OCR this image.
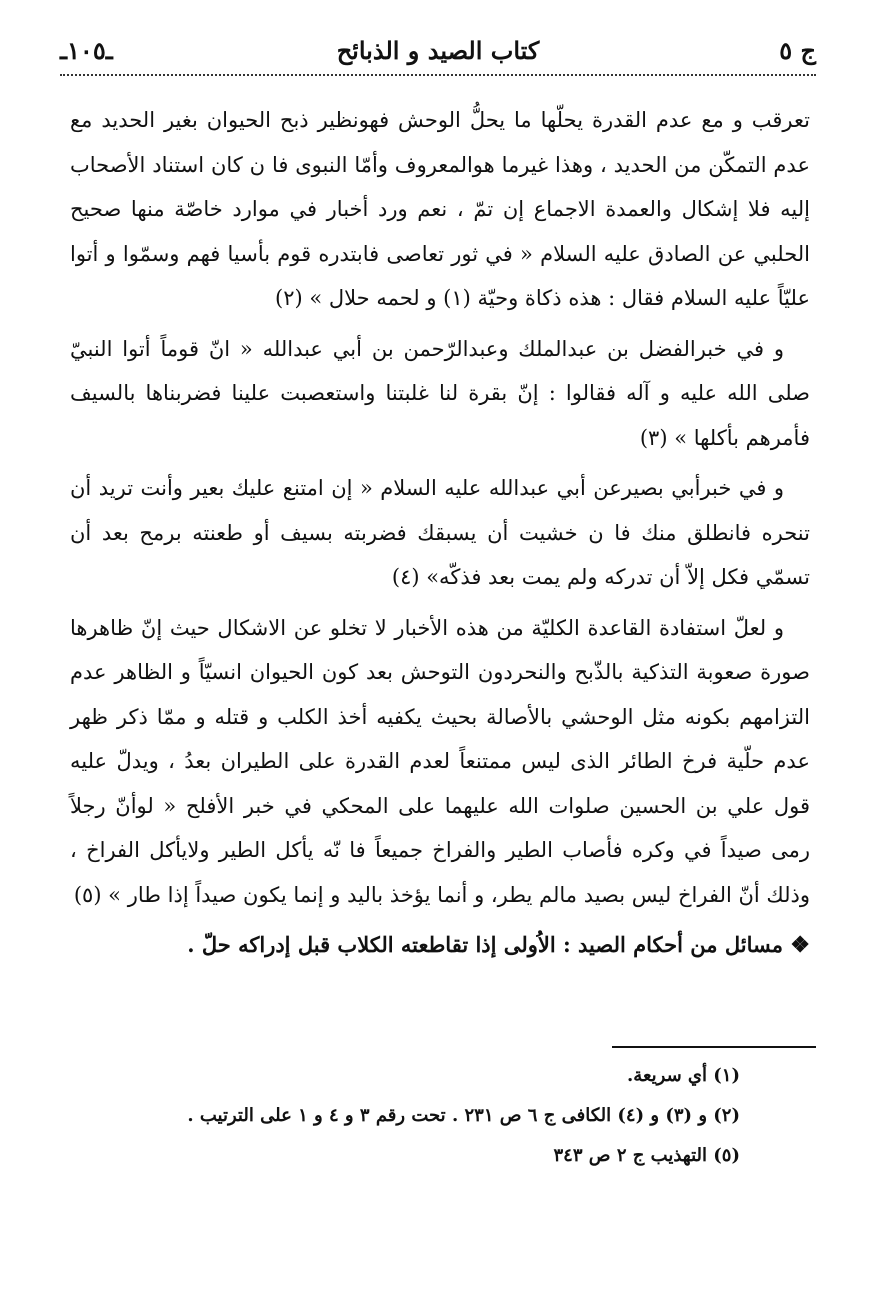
ج ٥
كتاب الصيد و الذبائح
ـ١٠٥ـ

تعرقب و مع عدم القدرة يحلّها ما يحلُّ الوحش فهونظير ذبح الحيوان بغير الحديد مع عدم التمكّن من الحديد ، وهذا غيرما هوالمعروف وأمّا النبوى فا ن كان استناد الأصحاب إليه فلا إشكال والعمدة الاجماع إن تمّ ، نعم ورد أخبار في موارد خاصّة منها صحيح الحلبي عن الصادق عليه السلام « في ثور تعاصى فابتدره قوم بأسيا فهم وسمّوا و أتوا عليّاً عليه السلام فقال : هذه ذكاة وحيّة (١) و لحمه حلال » (٢)

و في خبرالفضل بن عبدالملك وعبدالرّحمن بن أبي عبدالله « انّ قوماً أتوا النبيّ صلى الله عليه و آله فقالوا : إنّ بقرة لنا غلبتنا واستعصبت علينا فضربناها بالسيف فأمرهم بأكلها » (٣)

و في خبرأبي بصيرعن أبي عبدالله عليه السلام « إن امتنع عليك بعير وأنت تريد أن تنحره فانطلق منك فا ن خشيت أن يسبقك فضربته بسيف أو طعنته برمح بعد أن تسمّي فكل إلاّ أن تدركه ولم يمت بعد فذكّه» (٤)

و لعلّ استفادة القاعدة الكليّة من هذه الأخبار لا تخلو عن الاشكال حيث إنّ ظاهرها صورة صعوبة التذكية بالذّبح والنحردون التوحش بعد كون الحيوان انسيّاً و الظاهر عدم التزامهم بكونه مثل الوحشي بالأصالة بحيث يكفيه أخذ الكلب و قتله و ممّا ذكر ظهر عدم حلّية فرخ الطائر الذى ليس ممتنعاً لعدم القدرة على الطيران بعدُ ، ويدلّ عليه قول علي بن الحسين صلوات الله عليهما على المحكي في خبر الأفلح « لوأنّ رجلاً رمى صيداً في وكره فأصاب الطير والفراخ جميعاً فا نّه يأكل الطير ولايأكل الفراخ ، وذلك أنّ الفراخ ليس بصيد مالم يطر، و أنما يؤخذ باليد و إنما يكون صيداً إذا طار » (٥)

❖ مسائل من أحكام الصيد : الاُولى إذا تقاطعته الكلاب قبل إدراكه حلّ .

(١) أي سريعة.
(٢) و (٣) و (٤) الكافى ج ٦ ص ٢٣١ . تحت رقم ٣ و ٤ و ١ على الترتيب .
(٥) التهذيب ج ٢ ص ٣٤٣
